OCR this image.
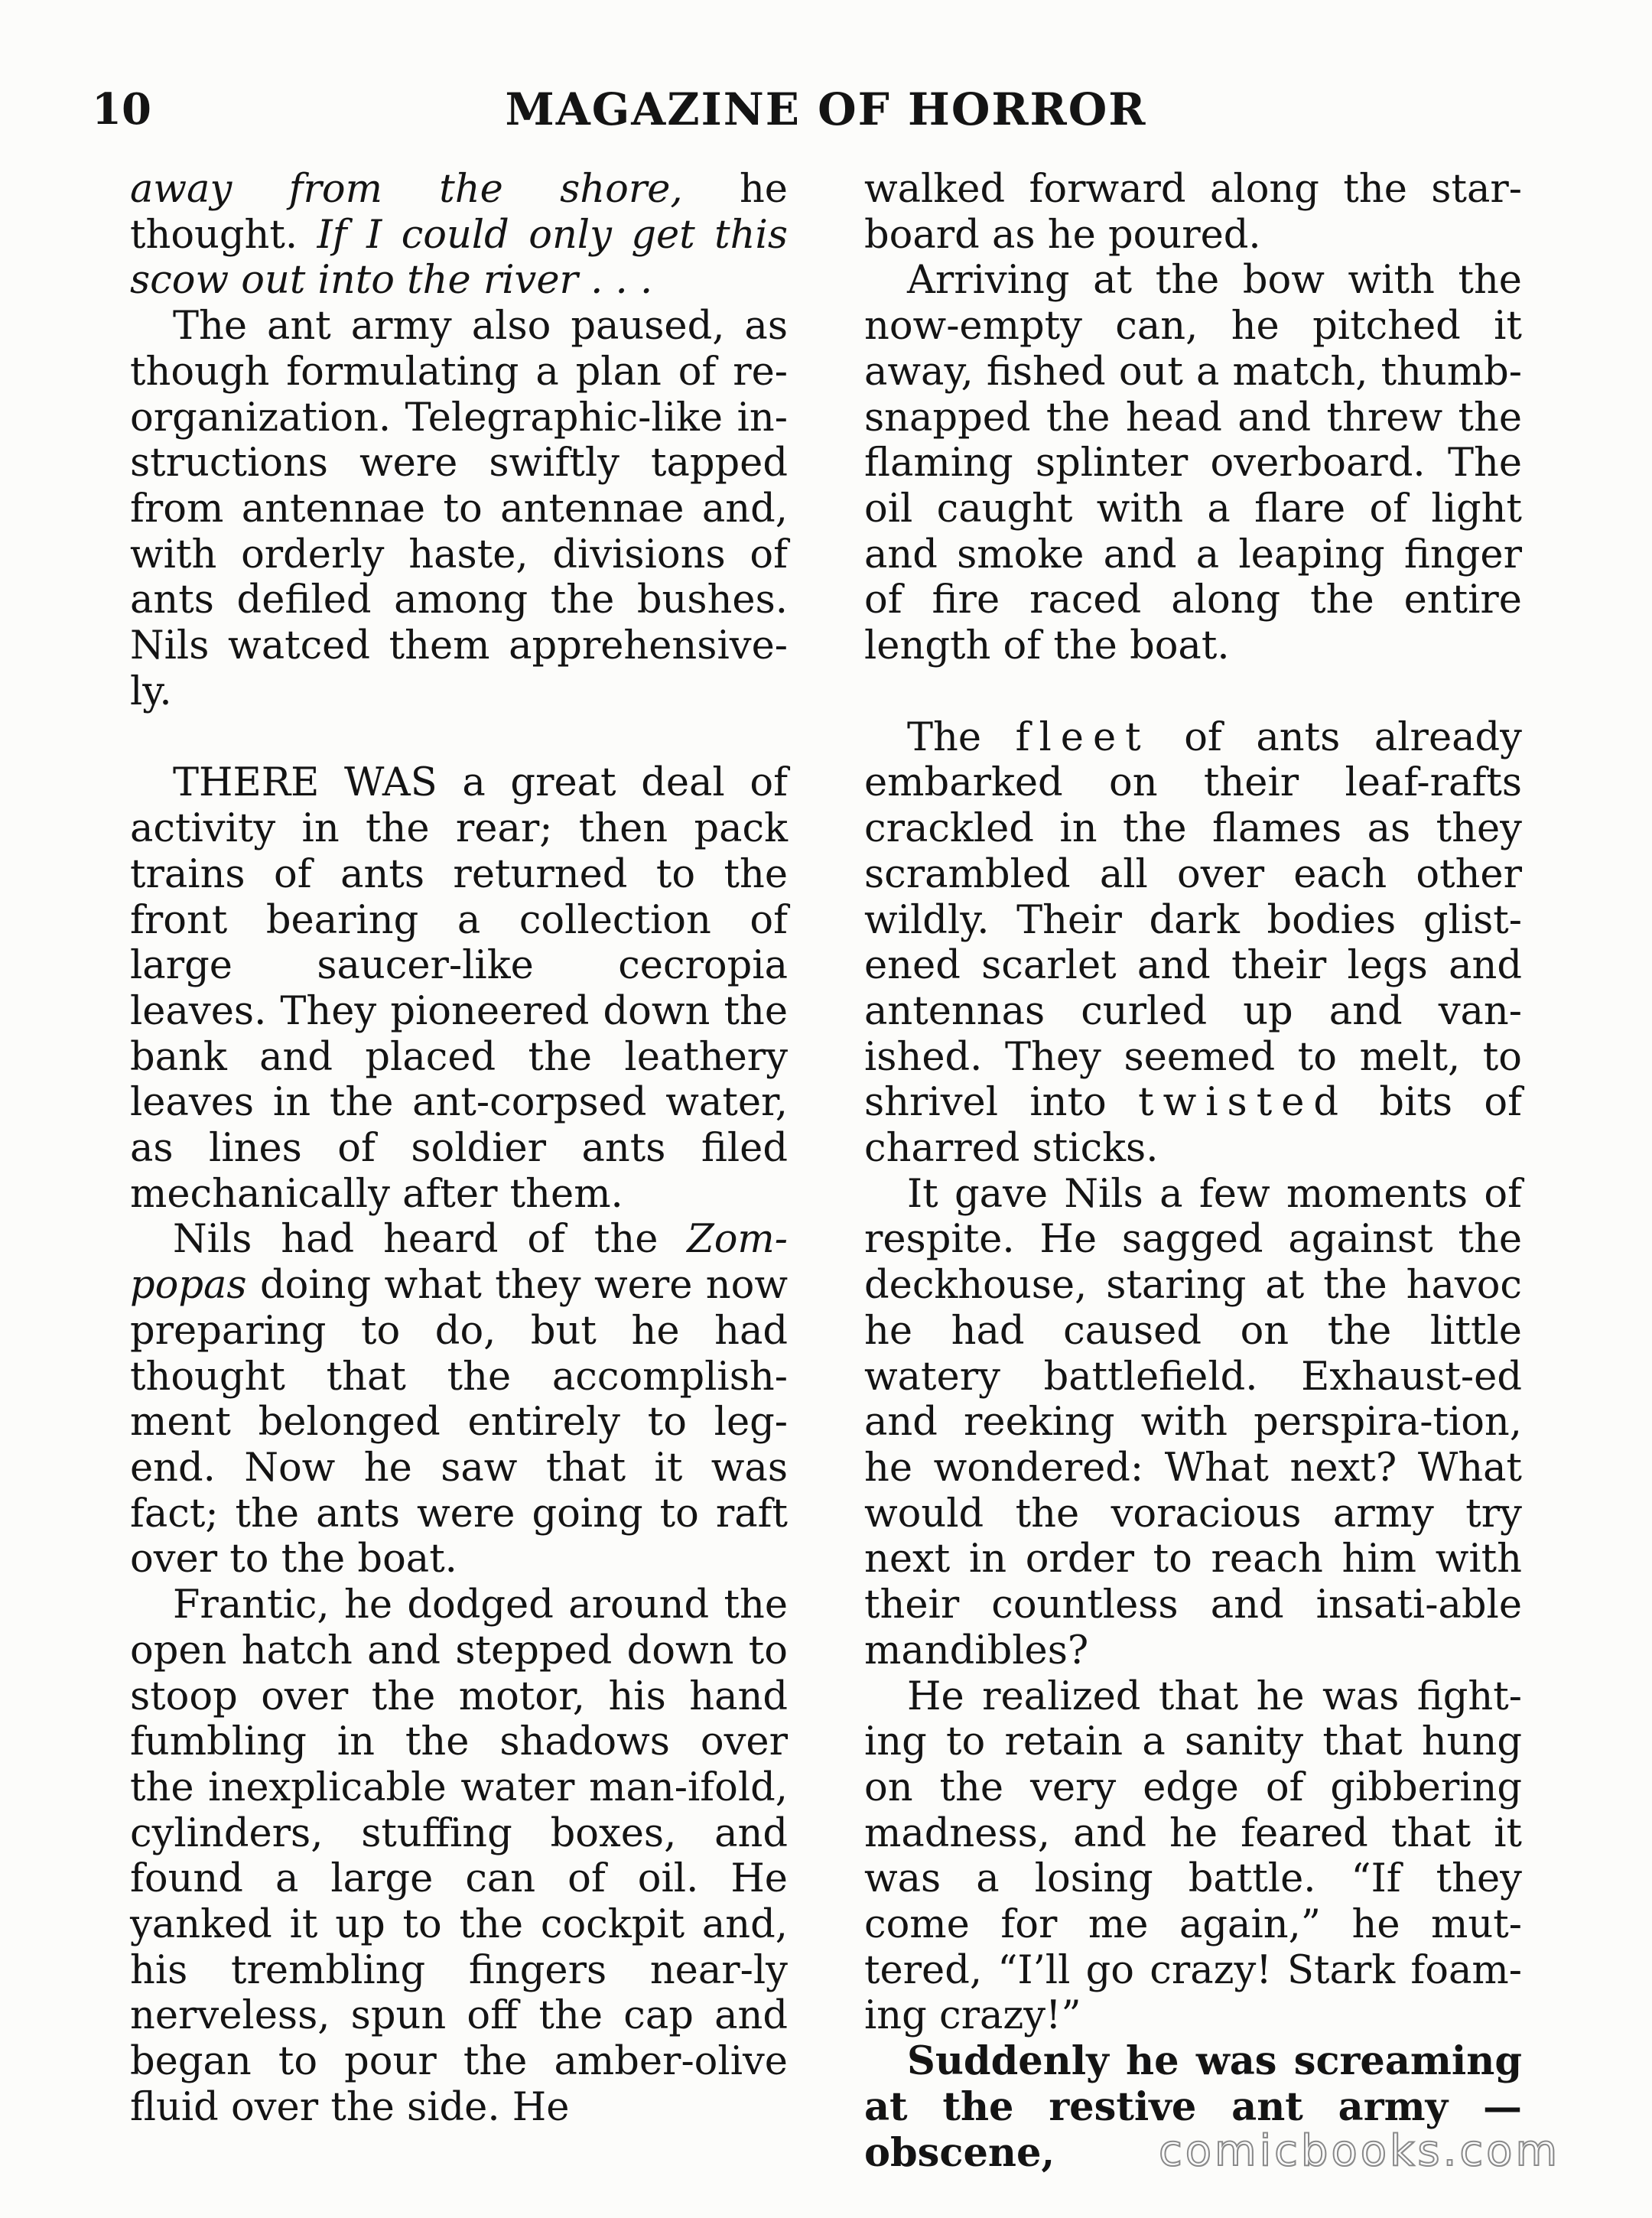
10	MAGAZINE OF HORROR

away from the shore, he thought. If I could only get this scow out into the river . . .

The ant army also paused, as though formulating a plan of re-organization. Telegraphic-like in-structions were swiftly tapped from antennae to antennae and, with orderly haste, divisions of ants defiled among the bushes. Nils watced them apprehensive-ly.

THERE WAS a great deal of activity in the rear; then pack trains of ants returned to the front bearing a collection of large saucer-like cecropia leaves. They pioneered down the bank and placed the leathery leaves in the ant-corpsed water, as lines of soldier ants filed mechanically after them.

Nils had heard of the Zom-popas doing what they were now preparing to do, but he had thought that the accomplish-ment belonged entirely to leg-end. Now he saw that it was fact; the ants were going to raft over to the boat.

Frantic, he dodged around the open hatch and stepped down to stoop over the motor, his hand fumbling in the shadows over the inexplicable water man-ifold, cylinders, stuffing boxes, and found a large can of oil. He yanked it up to the cockpit and, his trembling fingers near-ly nerveless, spun off the cap and began to pour the amber-olive fluid over the side. He

walked forward along the star-board as he poured.

Arriving at the bow with the now-empty can, he pitched it away, fished out a match, thumb-snapped the head and threw the flaming splinter overboard. The oil caught with a flare of light and smoke and a leaping finger of fire raced along the entire length of the boat.

The fleet of ants already embarked on their leaf-rafts crackled in the flames as they scrambled all over each other wildly. Their dark bodies glist-ened scarlet and their legs and antennas curled up and van-ished. They seemed to melt, to shrivel into twisted bits of charred sticks.

It gave Nils a few moments of respite. He sagged against the deckhouse, staring at the havoc he had caused on the little watery battlefield. Exhaust-ed and reeking with perspira-tion, he wondered: What next? What would the voracious army try next in order to reach him with their countless and insati-able mandibles?

He realized that he was fight-ing to retain a sanity that hung on the very edge of gibbering madness, and he feared that it was a losing battle. “If they come for me again,” he mut-tered, “I’ll go crazy! Stark foam-ing crazy!”

Suddenly he was screaming at the restive ant army — obscene,	comicbooks.com
